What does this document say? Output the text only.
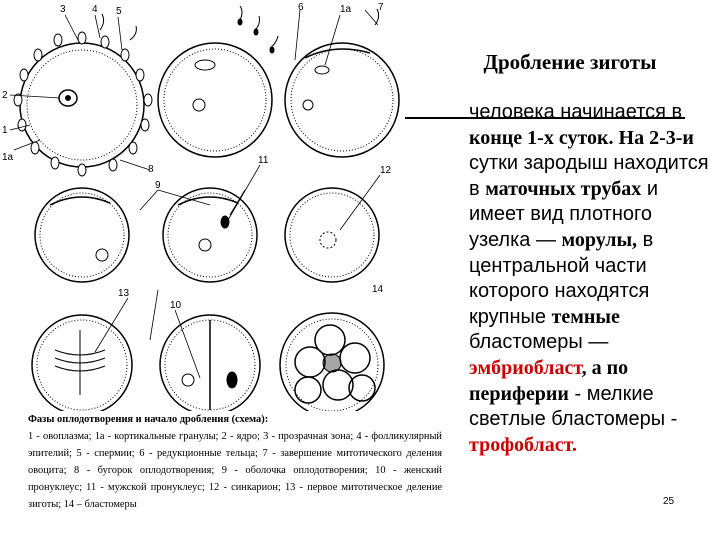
3	4 5	6	1а	7
2
1
1а
8
9
11
12
13
10
14
Фазы оплодотворения и начало дробления (схема):
1 - овоплазма; 1а - кортикальные гранулы; 2 - ядро; 3 - прозрачная зона; 4 - фолликулярный эпителий; 5 - спермии; 6 - редукционные тельца; 7 - завершение митотического деления овоцита; 8 - бугорок оплодотворения; 9 - оболочка оплодотворения; 10 - женский пронуклеус; 11 - мужской пронуклеус; 12 - синкарион; 13 - первое митотическое деление зиготы; 14 – бластомеры
Дробление зиготы
человека начинается в конце 1-х суток. На 2-3-и сутки зародыш находится в маточных трубах и имеет вид плотного узелка — морулы, в центральной части которого находятся крупные темные бластомеры — эмбриобласт, а по периферии - мелкие светлые бластомеры - трофобласт.
25
